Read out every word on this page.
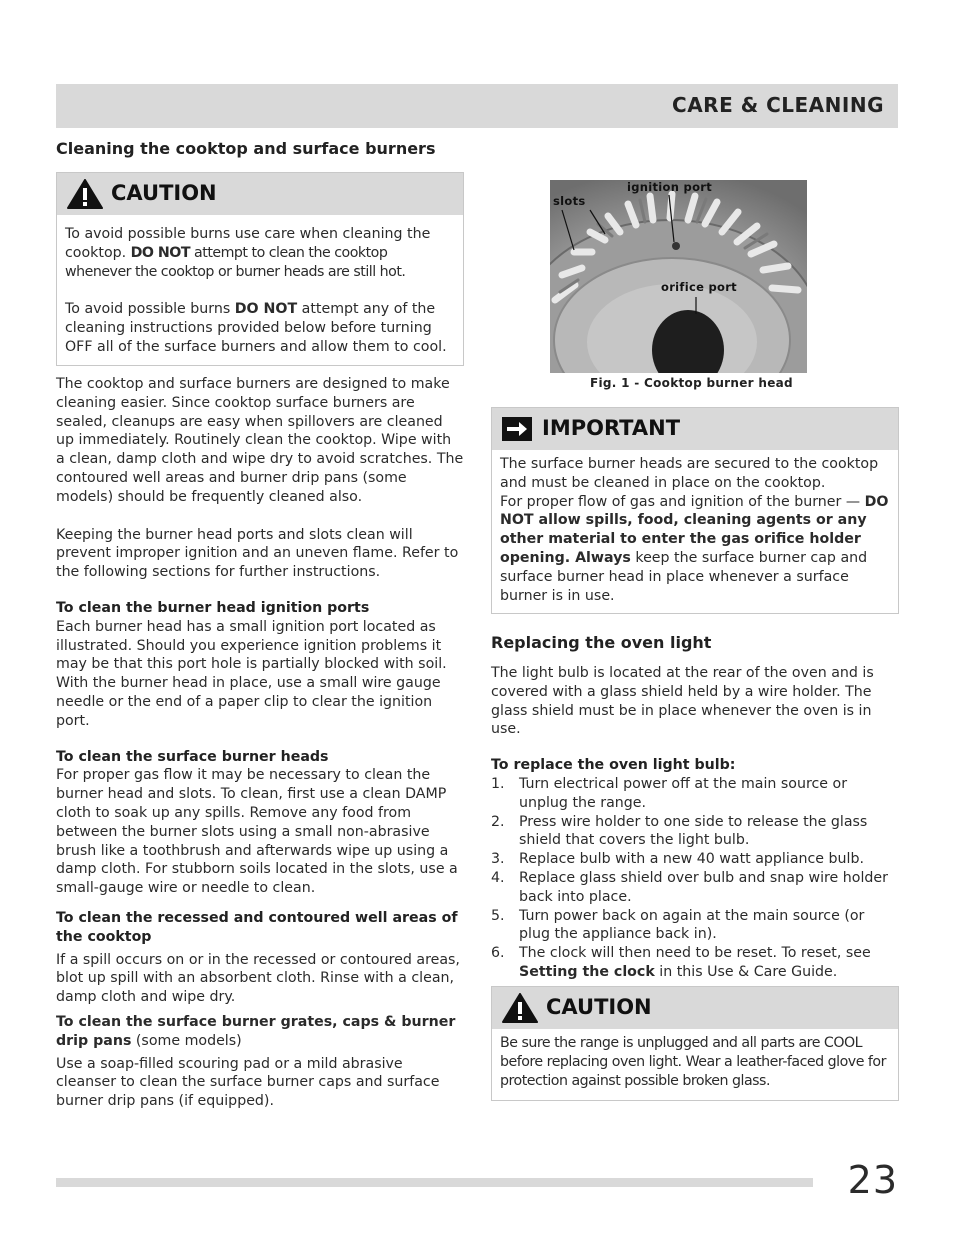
CARE & CLEANING
Cleaning the cooktop and surface burners
CAUTION

To avoid possible burns use care when cleaning the cooktop. DO NOT attempt to clean the cooktop whenever the cooktop or burner heads are still hot.

To avoid possible burns DO NOT attempt any of the cleaning instructions provided below before turning OFF all of the surface burners and allow them to cool.

The cooktop and surface burners are designed to make cleaning easier. Since cooktop surface burners are sealed, cleanups are easy when spillovers are cleaned up immediately. Routinely clean the cooktop. Wipe with a clean, damp cloth and wipe dry to avoid scratches. The contoured well areas and burner drip pans (some models) should be frequently cleaned also.

Keeping the burner head ports and slots clean will prevent improper ignition and an uneven flame. Refer to the following sections for further instructions.

To clean the burner head ignition ports

Each burner head has a small ignition port located as illustrated. Should you experience ignition problems it may be that this port hole is partially blocked with soil. With the burner head in place, use a small wire gauge needle or the end of a paper clip to clear the ignition port.

To clean the surface burner heads

For proper gas flow it may be necessary to clean the burner head and slots. To clean, first use a clean DAMP cloth to soak up any spills. Remove any food from between the burner slots using a small non-abrasive brush like a toothbrush and afterwards wipe up using a damp cloth. For stubborn soils located in the slots, use a small-gauge wire or needle to clean.

To clean the recessed and contoured well areas of the cooktop

If a spill occurs on or in the recessed or contoured areas, blot up spill with an absorbent cloth. Rinse with a clean, damp cloth and wipe dry.

To clean the surface burner grates, caps & burner drip pans (some models)

Use a soap-filled scouring pad or a mild abrasive cleanser to clean the surface burner caps and surface burner drip pans (if equipped).

slots
ignition port
orifice port
Fig. 1 - Cooktop burner head
IMPORTANT

The surface burner heads are secured to the cooktop and must be cleaned in place on the cooktop.

For proper flow of gas and ignition of the burner — DO NOT allow spills, food, cleaning agents or any other material to enter the gas orifice holder opening. Always keep the surface burner cap and surface burner head in place whenever a surface burner is in use.

Replacing the oven light

The light bulb is located at the rear of the oven and is covered with a glass shield held by a wire holder. The glass shield must be in place whenever the oven is in use.

To replace the oven light bulb:

1. Turn electrical power off at the main source or unplug the range.
2. Press wire holder to one side to release the glass shield that covers the light bulb.
3. Replace bulb with a new 40 watt appliance bulb.
4. Replace glass shield over bulb and snap wire holder back into place.
5. Turn power back on again at the main source (or plug the appliance back in).
6. The clock will then need to be reset. To reset, see Setting the clock in this Use & Care Guide.
CAUTION

Be sure the range is unplugged and all parts are COOL before replacing oven light. Wear a leather-faced glove for protection against possible broken glass.

23
